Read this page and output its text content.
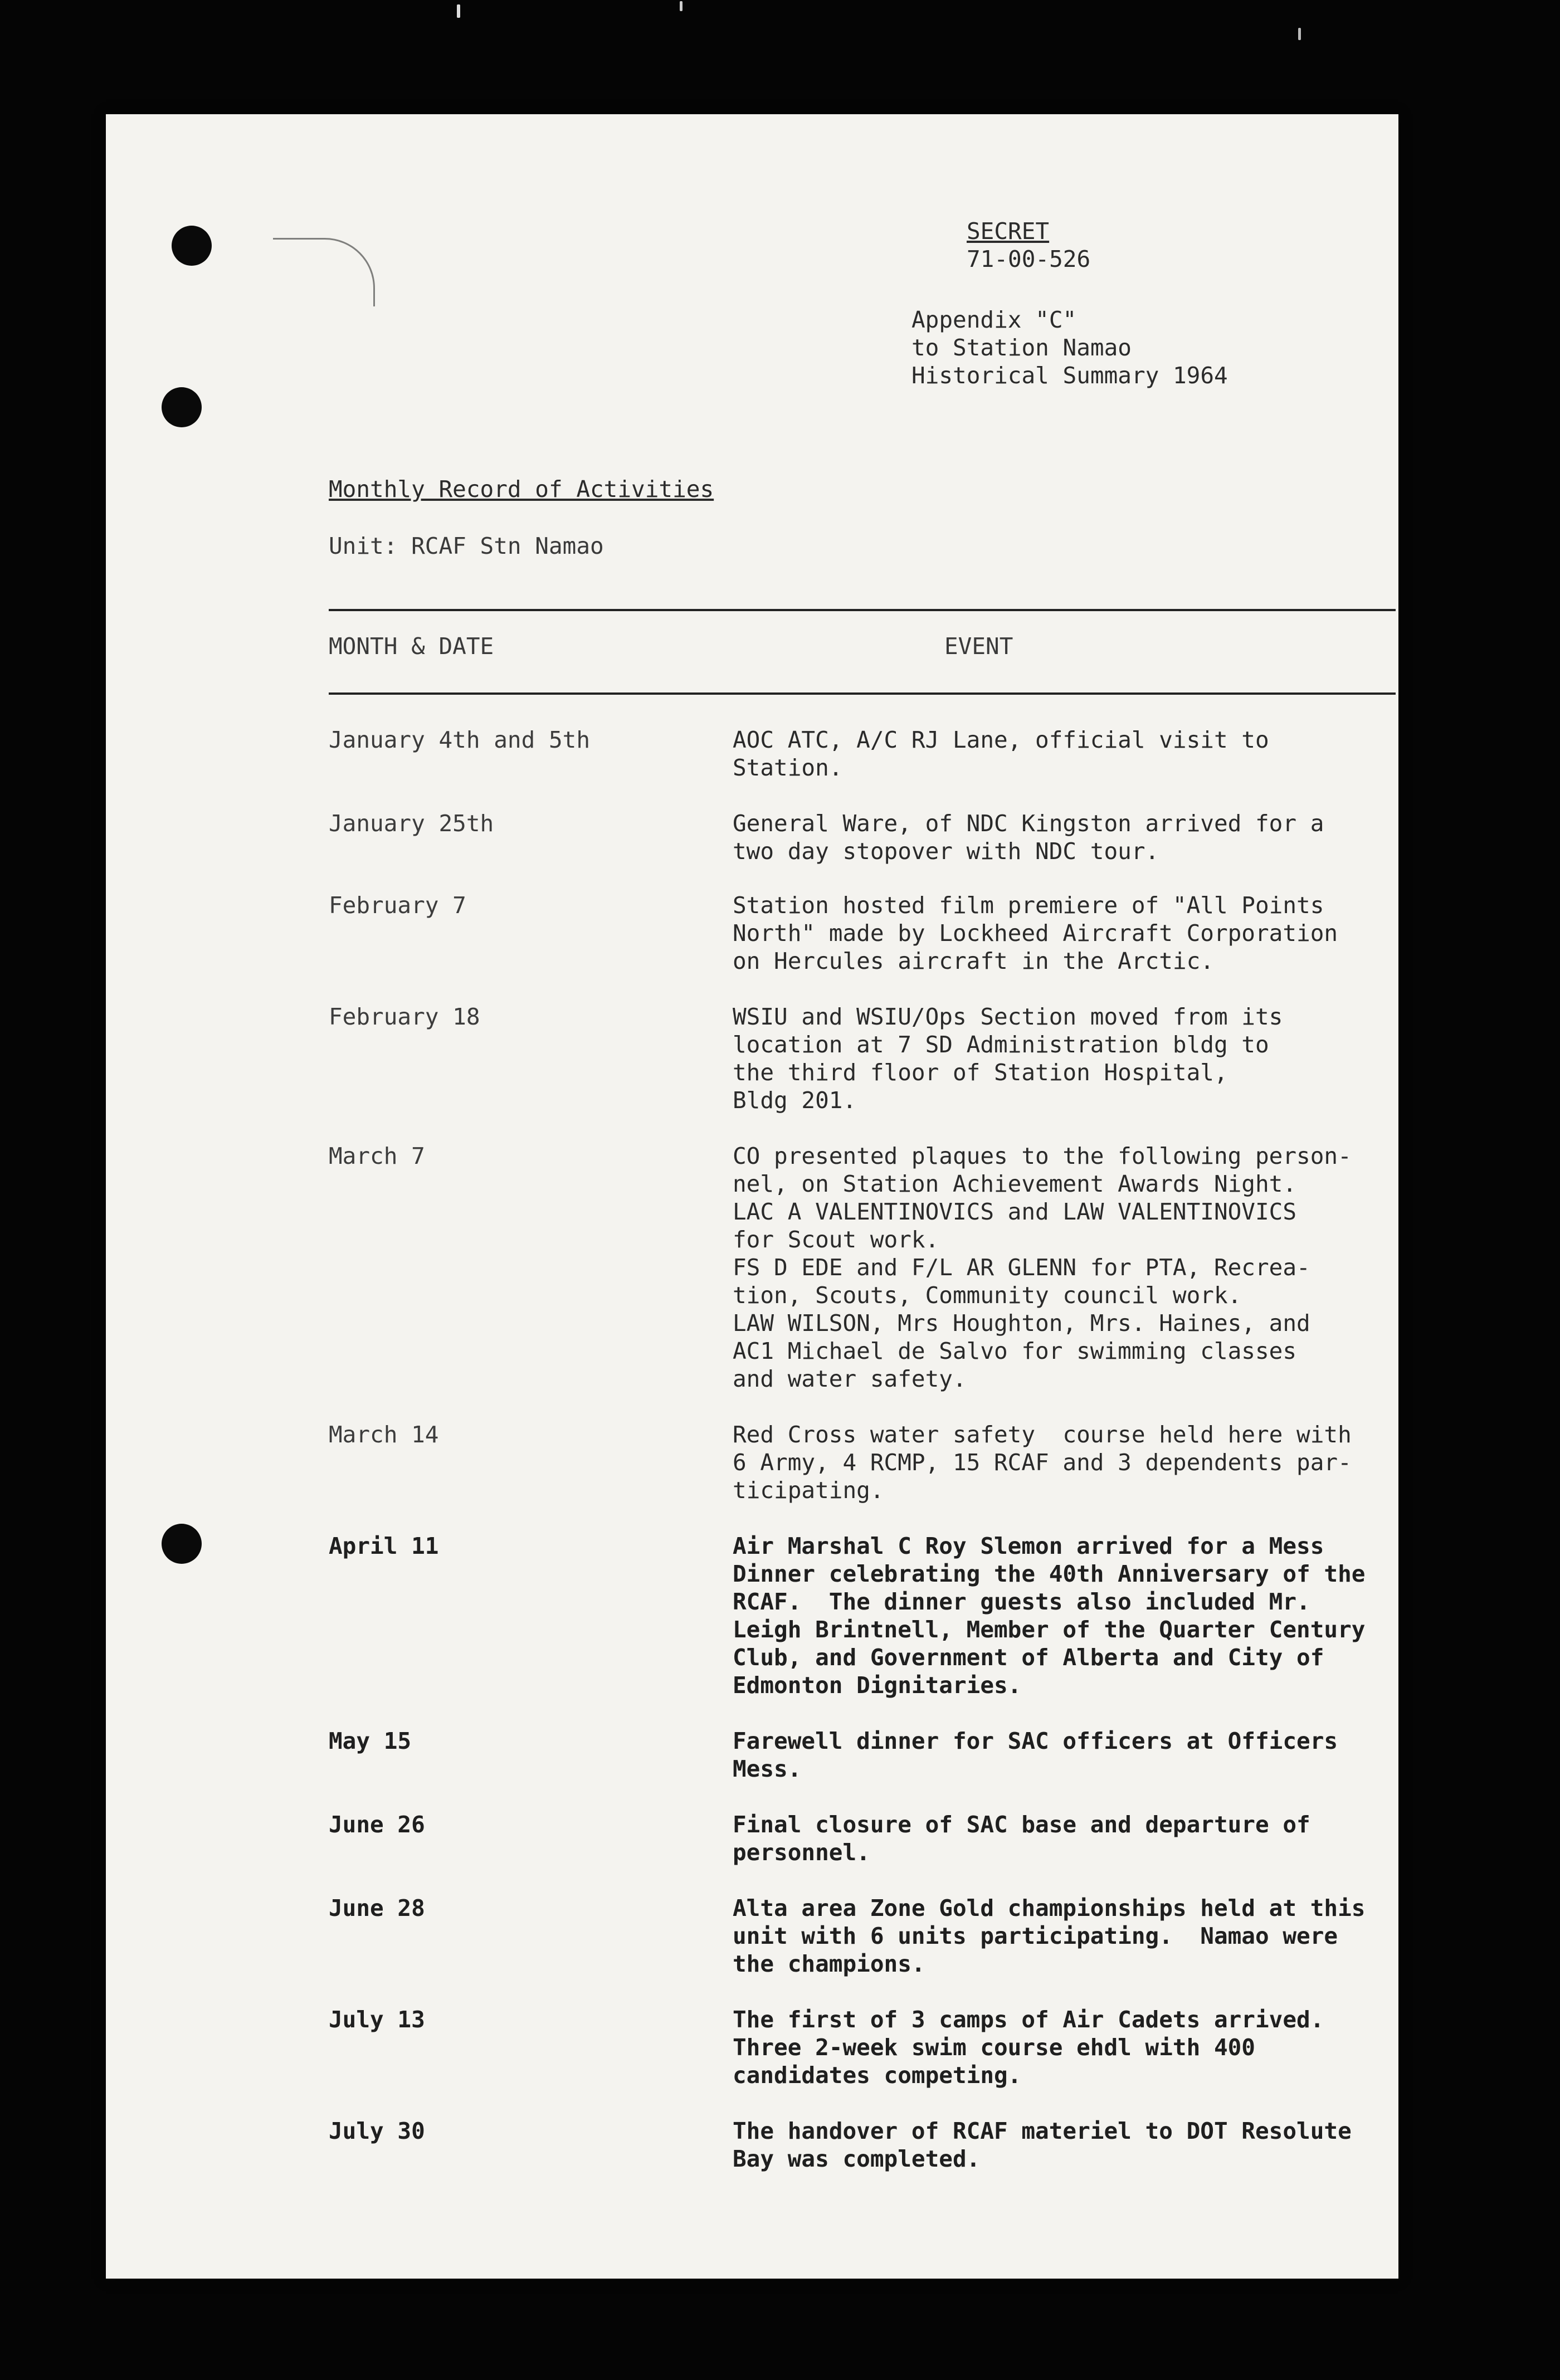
SECRET
71-00-526
Appendix "C"
to Station Namao
Historical Summary 1964
Monthly Record of Activities
Unit: RCAF Stn Namao
MONTH & DATE	EVENT
January 4th and 5th	AOC ATC, A/C RJ Lane, official visit to
Station.
January 25th	General Ware, of NDC Kingston arrived for a
two day stopover with NDC tour.
February 7	Station hosted film premiere of "All Points
North" made by Lockheed Aircraft Corporation
on Hercules aircraft in the Arctic.
February 18	WSIU and WSIU/Ops Section moved from its
location at 7 SD Administration bldg to
the third floor of Station Hospital,
Bldg 201.
March 7	CO presented plaques to the following person-
nel, on Station Achievement Awards Night.
LAC A VALENTINOVICS and LAW VALENTINOVICS
for Scout work.
FS D EDE and F/L AR GLENN for PTA, Recrea-
tion, Scouts, Community council work.
LAW WILSON, Mrs Houghton, Mrs. Haines, and
AC1 Michael de Salvo for swimming classes
and water safety.
March 14	Red Cross water safety  course held here with
6 Army, 4 RCMP, 15 RCAF and 3 dependents par-
ticipating.
April 11	Air Marshal C Roy Slemon arrived for a Mess
Dinner celebrating the 40th Anniversary of the
RCAF.  The dinner guests also included Mr.
Leigh Brintnell, Member of the Quarter Century
Club, and Government of Alberta and City of
Edmonton Dignitaries.
May 15	Farewell dinner for SAC officers at Officers
Mess.
June 26	Final closure of SAC base and departure of
personnel.
June 28	Alta area Zone Gold championships held at this
unit with 6 units participating.  Namao were
the champions.
July 13	The first of 3 camps of Air Cadets arrived.
Three 2-week swim course ehdl with 400
candidates competing.
July 30	The handover of RCAF materiel to DOT Resolute
Bay was completed.
